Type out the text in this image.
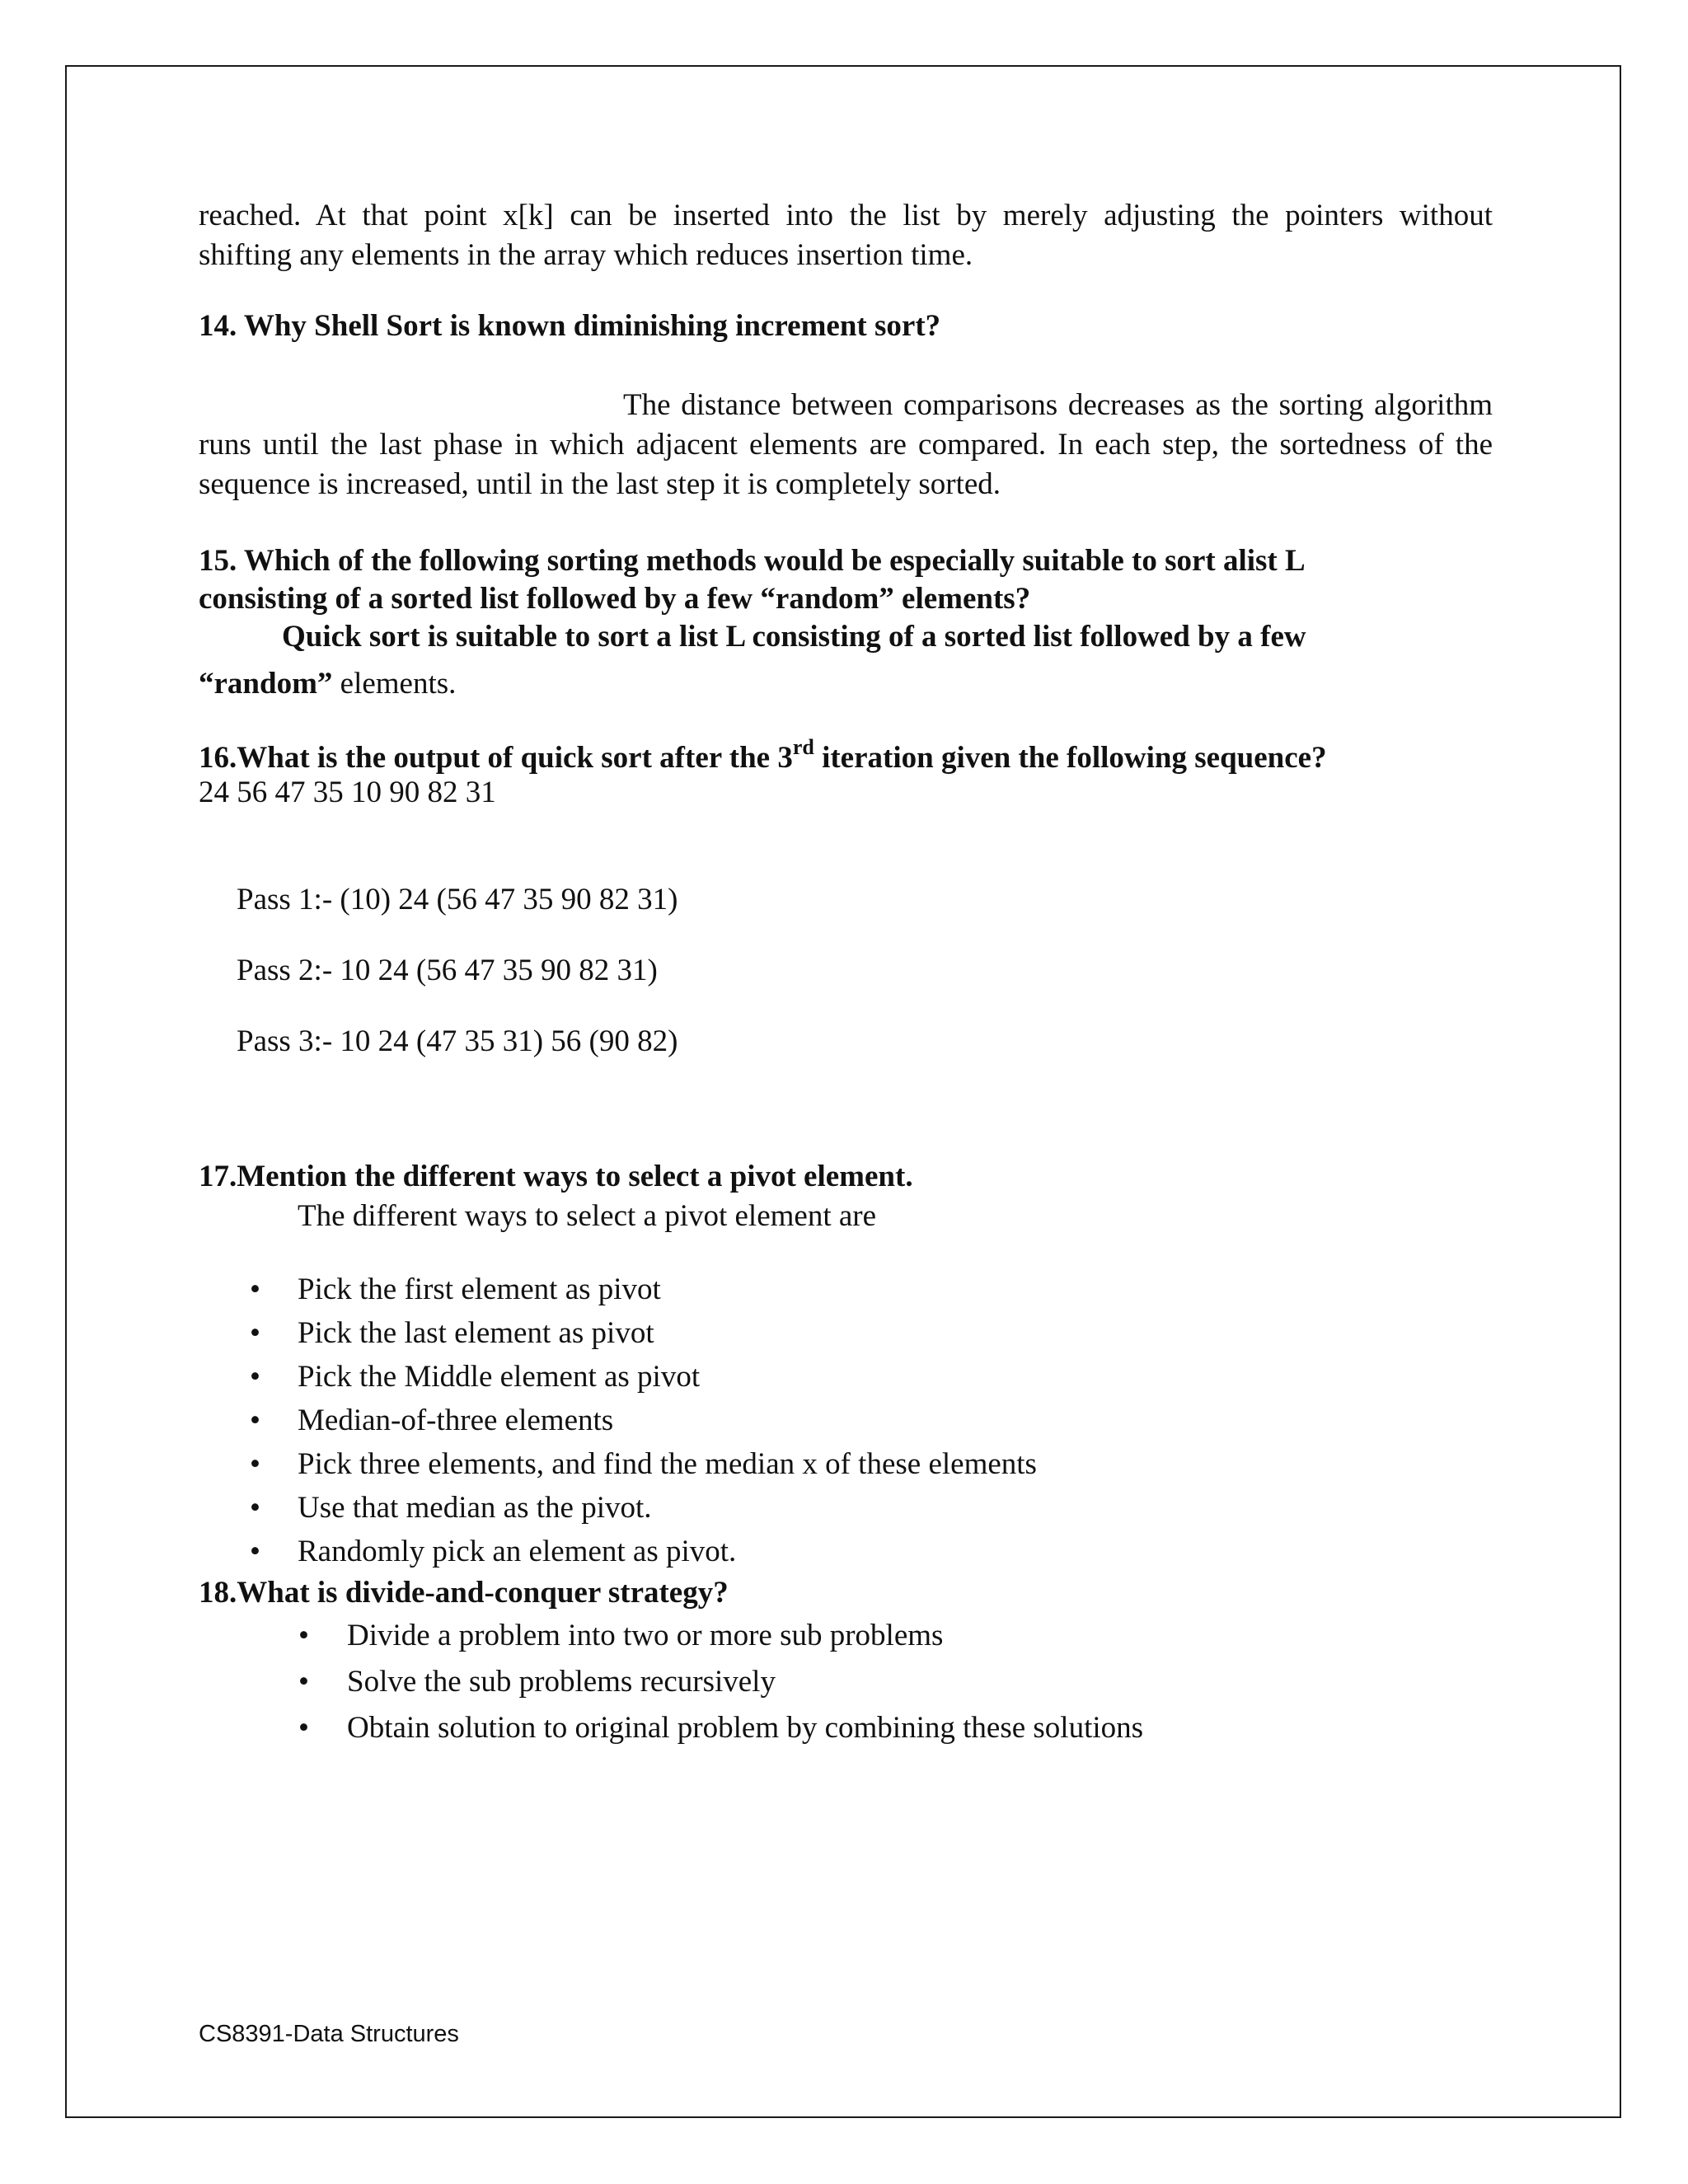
reached. At that point x[k] can be inserted into the list by merely adjusting the pointers without

shifting any elements in the array which reduces insertion time.

14. Why Shell Sort is known diminishing increment sort?

The distance between comparisons decreases as the sorting algorithm runs until the last phase in which adjacent elements are compared. In each step, the sortedness of the sequence is increased, until in the last step it is completely sorted.

15. Which of the following sorting methods would be especially suitable to sort alist L
consisting of a sorted list followed by a few “random” elements?

Quick sort is suitable to sort a list L consisting of a sorted list followed by a few

“random” elements.

16.What is the output of quick sort after the 3rd iteration given the following sequence?

24 56 47 35 10 90 82 31

Pass 1:- (10) 24 (56 47 35 90 82 31)

Pass 2:- 10 24 (56 47 35 90 82 31)

Pass 3:- 10 24 (47 35 31) 56 (90 82)

17.Mention the different ways to select a pivot element.

The different ways to select a pivot element are

• Pick the first element as pivot
• Pick the last element as pivot
• Pick the Middle element as pivot
• Median-of-three elements
• Pick three elements, and find the median x of these elements
• Use that median as the pivot.
• Randomly pick an element as pivot.

18.What is divide-and-conquer strategy?

• Divide a problem into two or more sub problems
• Solve the sub problems recursively
• Obtain solution to original problem by combining these solutions
CS8391-Data Structures
